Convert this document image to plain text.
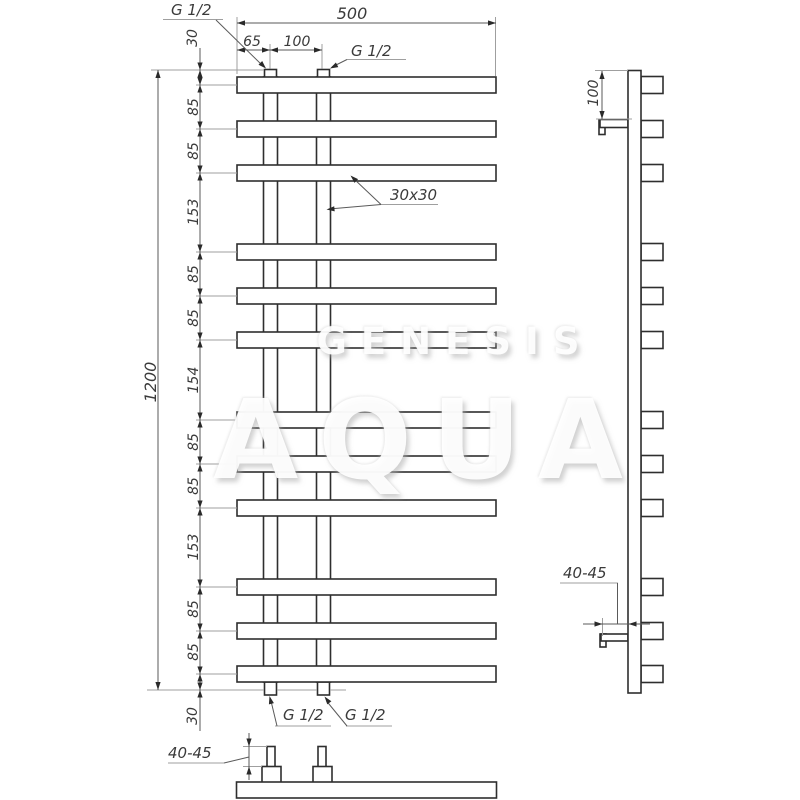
500
65 100
G 1/2
G 1/2
1200
30
85
85
153
85
85
154
85
85
153
85
85
30
30x30
G 1/2 G 1/2
100
40-45
40-45
GENESIS
AQUA
